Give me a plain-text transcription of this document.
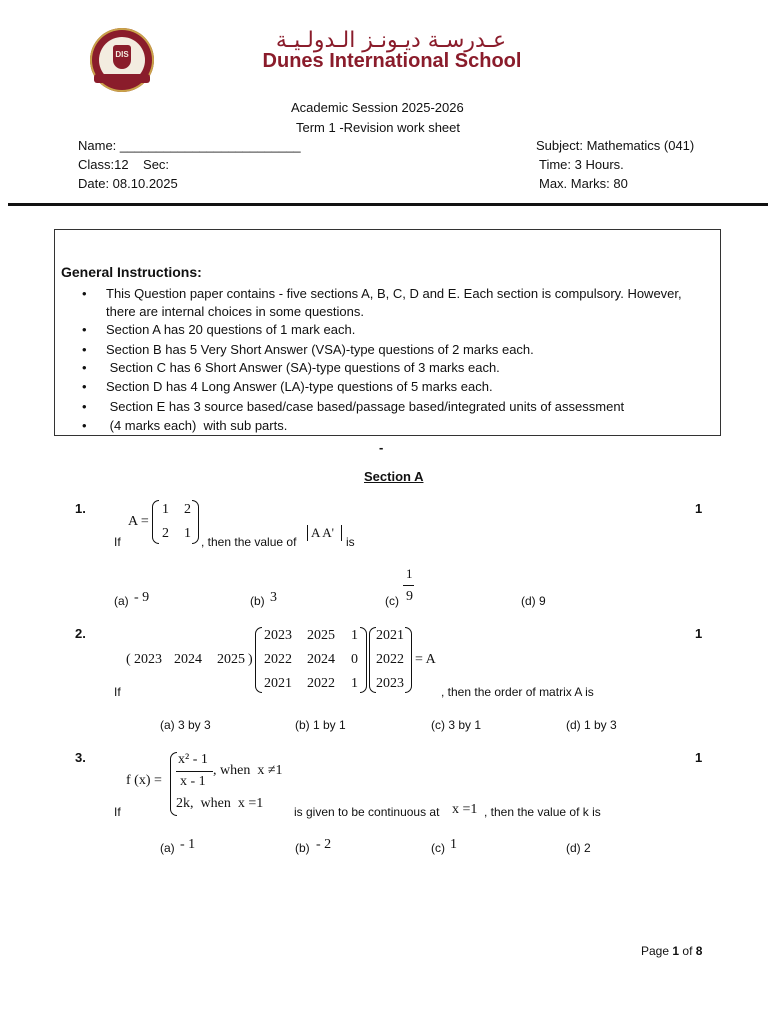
DIS
عـدرسـة ديـونـز الـدولـيـة
Dunes International School
Academic Session 2025-2026
Term 1 -Revision work sheet
Name: _________________________
Class:12    Sec:
Date: 08.10.2025
Subject: Mathematics (041)
Time: 3 Hours.
Max. Marks: 80
General Instructions:
• This Question paper contains - five sections A, B, C, D and E. Each section is compulsory. However,
there are internal choices in some questions.
• Section A has 20 questions of 1 mark each.
• Section B has 5 Very Short Answer (VSA)-type questions of 2 marks each.
• Section C has 6 Short Answer (SA)-type questions of 3 marks each.
• Section D has 4 Long Answer (LA)-type questions of 5 marks each.
• Section E has 3 source based/case based/passage based/integrated units of assessment
• (4 marks each)  with sub parts.
-
Section A
1.	1
If
A =
1 2
2 1
, then the value of
A A'
is
(a) - 9	(b) 3	(c)
1
9	(d) 9
2.	1
If
( 2023 2024 2025 )
2023 2025 1
2022 2024 0
2021 2022 1
2021
2022
2023
= A
, then the order of matrix A is
(a) 3 by 3	(b) 1 by 1	(c) 3 by 1	(d) 1 by 3
3.	1
If
f (x) =
x² - 1
x - 1
, when  x ≠1
2k,  when  x =1
is given to be continuous at x =1 , then the value of k is
(a) - 1	(b) - 2	(c) 1	(d) 2
Page 1 of 8
